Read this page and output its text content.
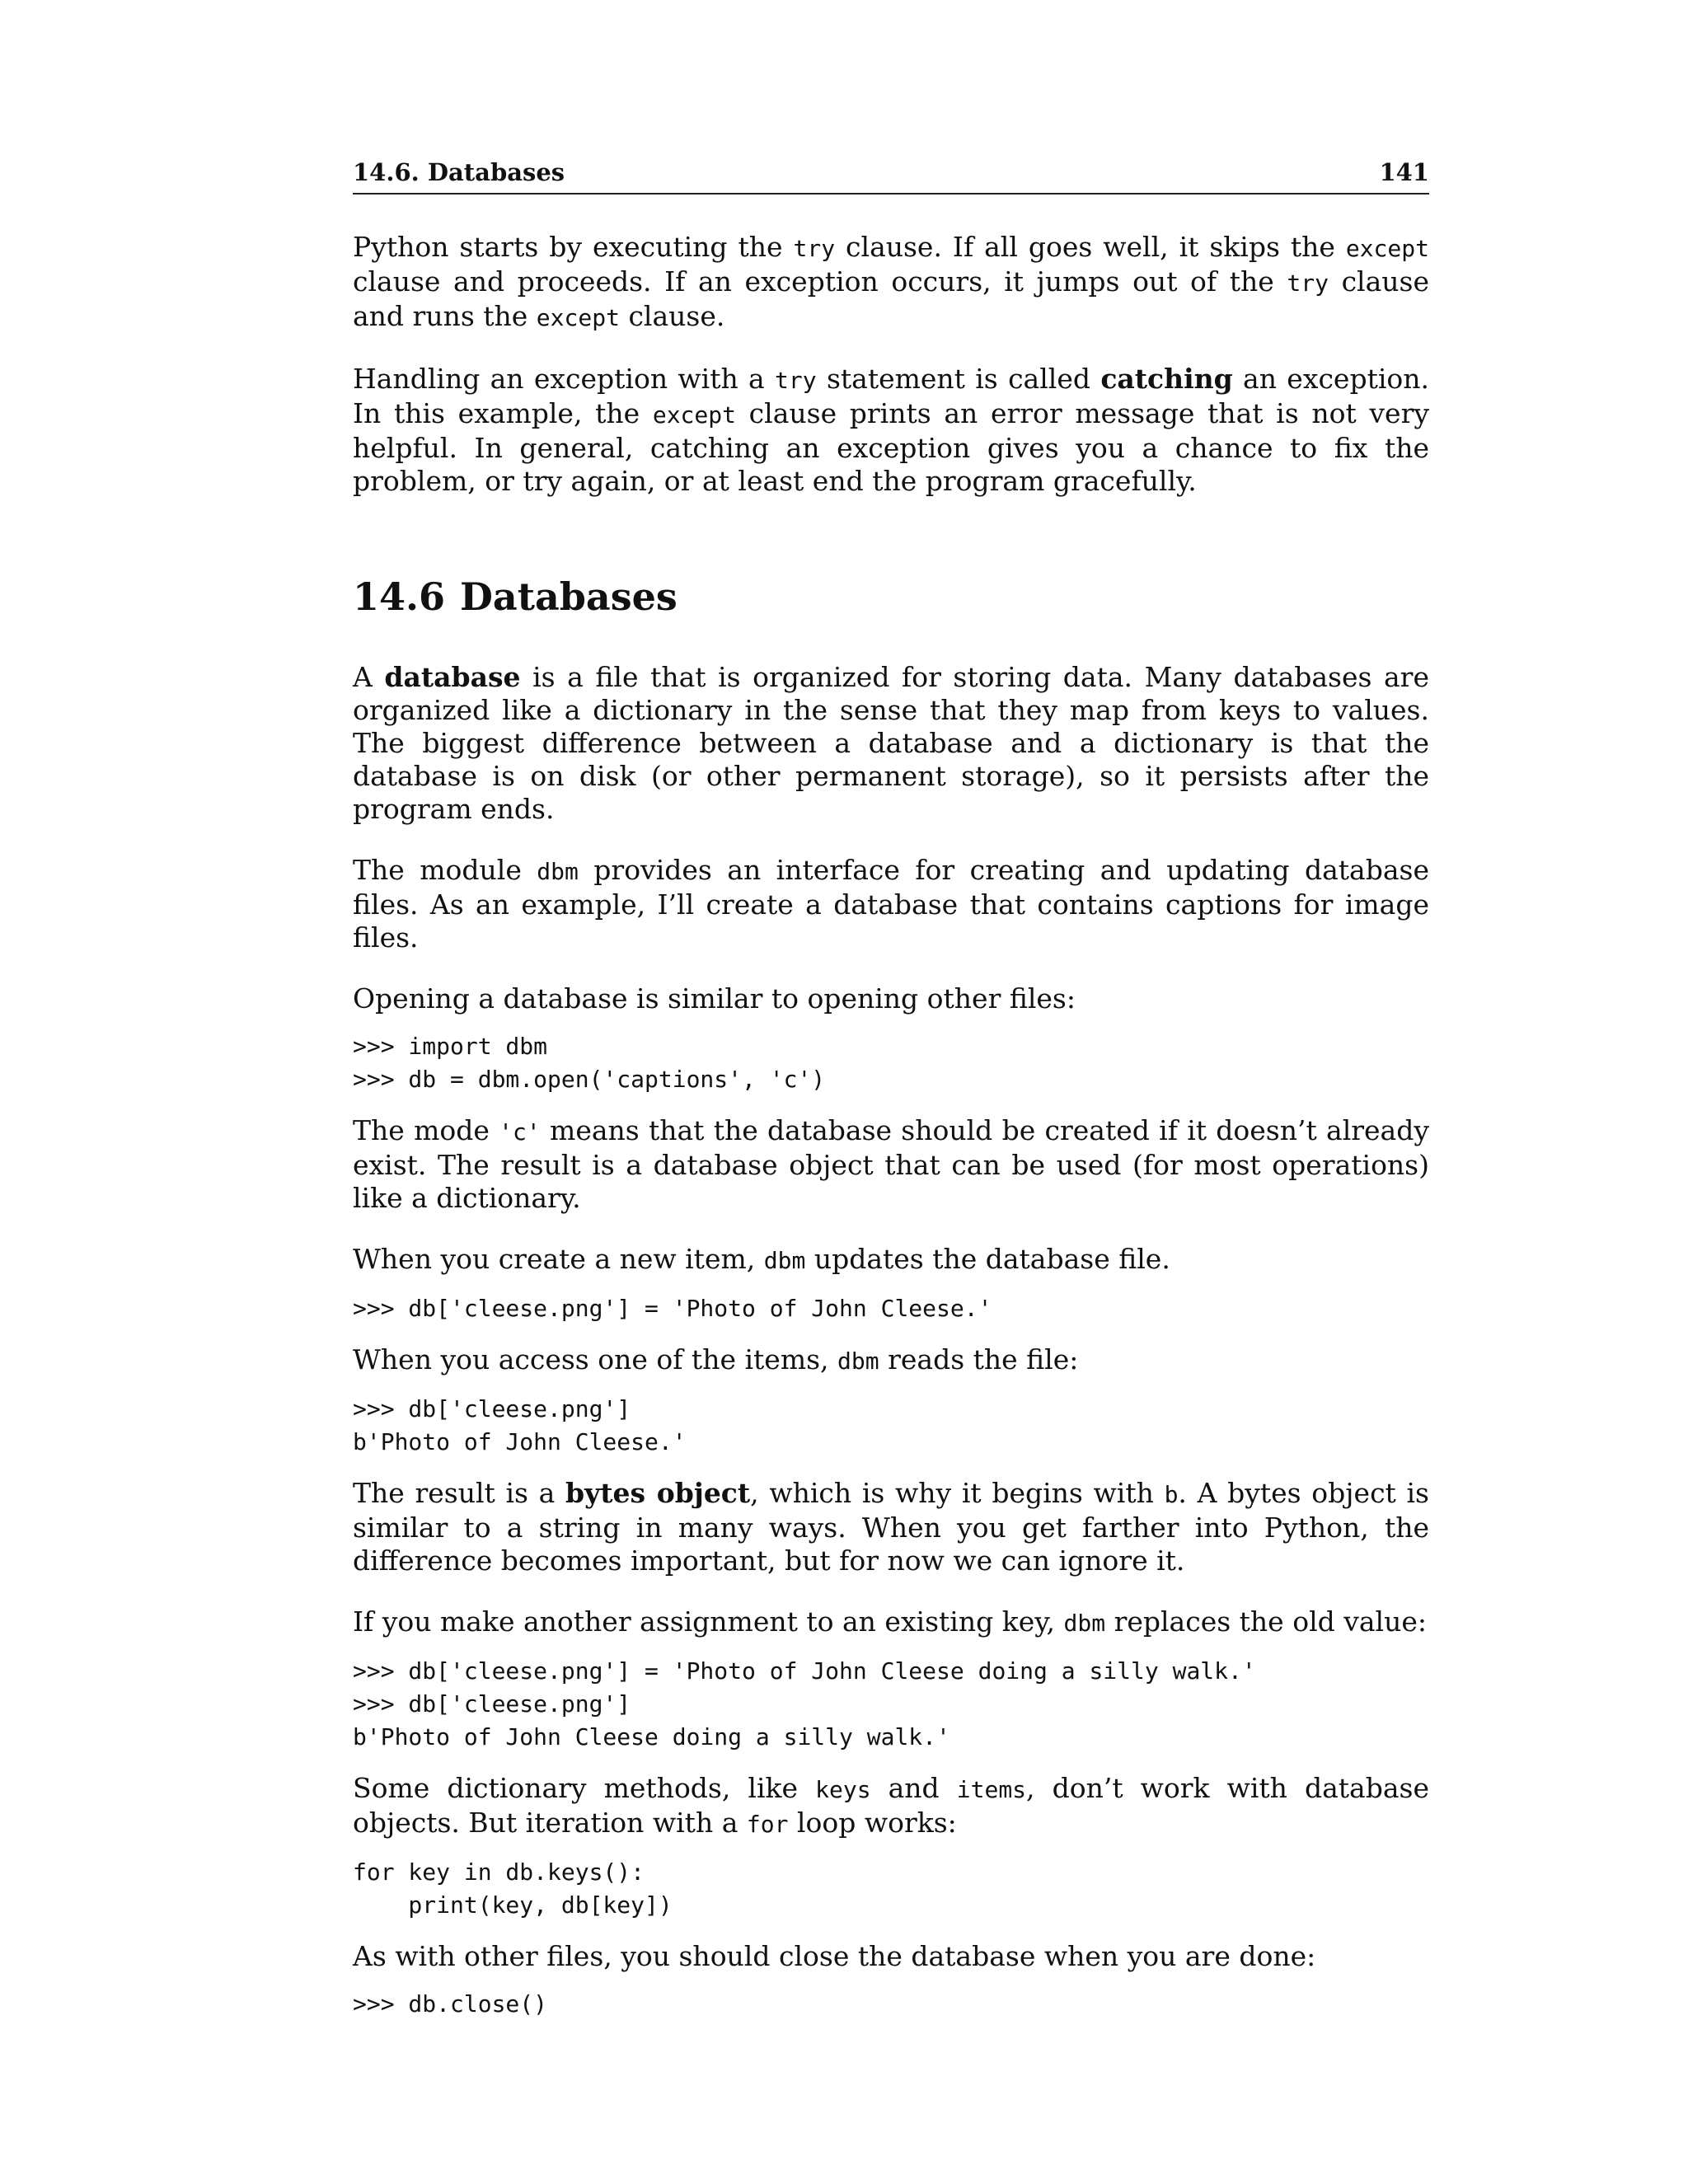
14.6. Databases	141

Python starts by executing the try clause. If all goes well, it skips the except clause and proceeds. If an exception occurs, it jumps out of the try clause and runs the except clause.

Handling an exception with a try statement is called catching an exception. In this example, the except clause prints an error message that is not very helpful. In general, catching an exception gives you a chance to fix the problem, or try again, or at least end the program gracefully.

14.6 Databases

A database is a file that is organized for storing data. Many databases are organized like a dictionary in the sense that they map from keys to values. The biggest difference between a database and a dictionary is that the database is on disk (or other permanent storage), so it persists after the program ends.

The module dbm provides an interface for creating and updating database files. As an example, I’ll create a database that contains captions for image files.

Opening a database is similar to opening other files:

>>> import dbm
>>> db = dbm.open('captions', 'c')

The mode 'c' means that the database should be created if it doesn’t already exist. The result is a database object that can be used (for most operations) like a dictionary.

When you create a new item, dbm updates the database file.

>>> db['cleese.png'] = 'Photo of John Cleese.'

When you access one of the items, dbm reads the file:

>>> db['cleese.png']
b'Photo of John Cleese.'

The result is a bytes object, which is why it begins with b. A bytes object is similar to a string in many ways. When you get farther into Python, the difference becomes important, but for now we can ignore it.

If you make another assignment to an existing key, dbm replaces the old value:

>>> db['cleese.png'] = 'Photo of John Cleese doing a silly walk.'
>>> db['cleese.png']
b'Photo of John Cleese doing a silly walk.'

Some dictionary methods, like keys and items, don’t work with database objects. But iteration with a for loop works:

for key in db.keys():
print(key, db[key])

As with other files, you should close the database when you are done:

>>> db.close()
